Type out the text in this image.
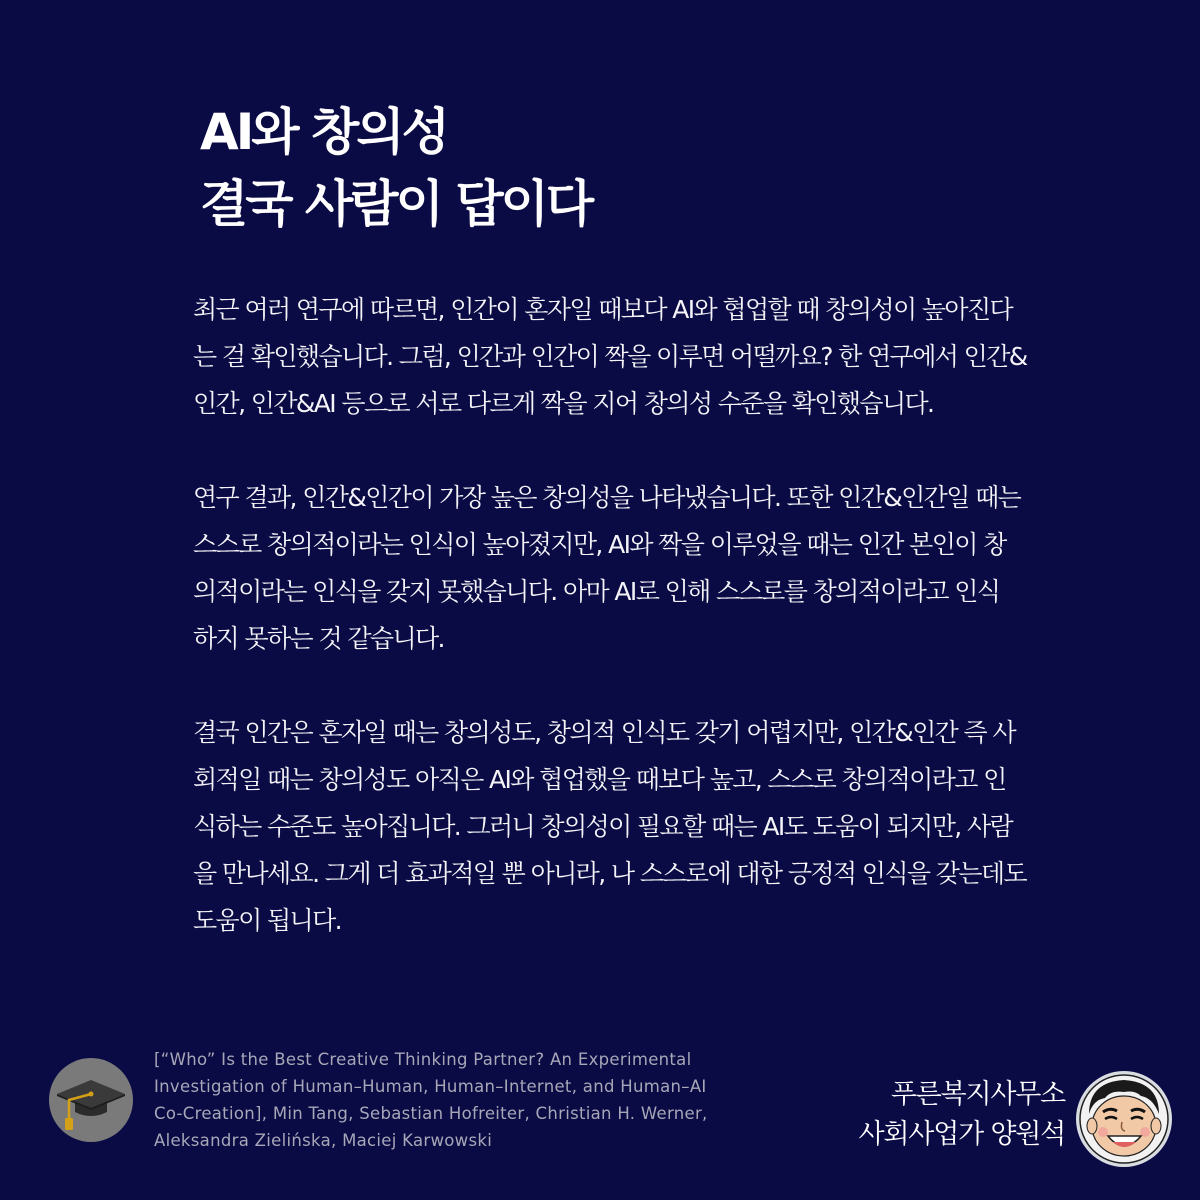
AI와 창의성
결국 사람이 답이다

최근 여러 연구에 따르면, 인간이 혼자일 때보다 AI와 협업할 때 창의성이 높아진다
는 걸 확인했습니다. 그럼, 인간과 인간이 짝을 이루면 어떨까요? 한 연구에서 인간&
인간, 인간&AI 등으로 서로 다르게 짝을 지어 창의성 수준을 확인했습니다.

연구 결과, 인간&인간이 가장 높은 창의성을 나타냈습니다. 또한 인간&인간일 때는
스스로 창의적이라는 인식이 높아졌지만, AI와 짝을 이루었을 때는 인간 본인이 창
의적이라는 인식을 갖지 못했습니다. 아마 AI로 인해 스스로를 창의적이라고 인식
하지 못하는 것 같습니다.

결국 인간은 혼자일 때는 창의성도, 창의적 인식도 갖기 어렵지만, 인간&인간 즉 사
회적일 때는 창의성도 아직은 AI와 협업했을 때보다 높고, 스스로 창의적이라고 인
식하는 수준도 높아집니다. 그러니 창의성이 필요할 때는 AI도 도움이 되지만, 사람
을 만나세요. 그게 더 효과적일 뿐 아니라, 나 스스로에 대한 긍정적 인식을 갖는데도
도움이 됩니다.

[“Who” Is the Best Creative Thinking Partner? An Experimental
Investigation of Human–Human, Human–Internet, and Human–AI
Co-Creation], Min Tang, Sebastian Hofreiter, Christian H. Werner,
Aleksandra Zielińska, Maciej Karwowski
푸른복지사무소
사회사업가 양원석
